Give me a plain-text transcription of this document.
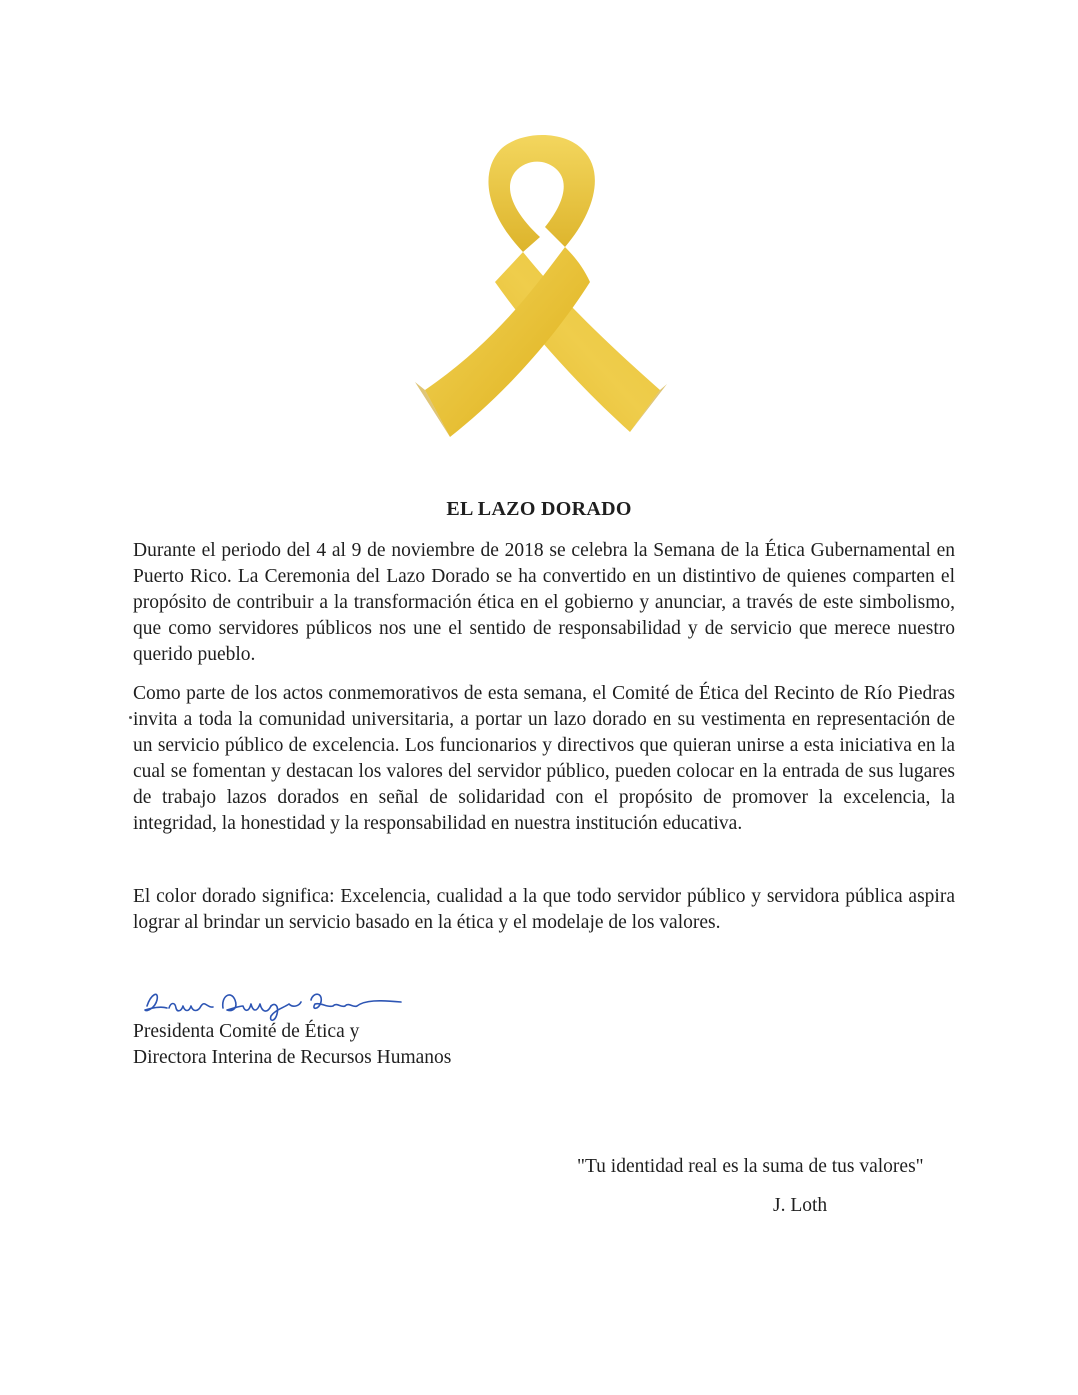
EL LAZO DORADO

Durante el periodo del 4 al 9 de noviembre de 2018 se celebra la Semana de la Ética Gubernamental en Puerto Rico. La Ceremonia del Lazo Dorado se ha convertido en un distintivo de quienes comparten el propósito de contribuir a la transformación ética en el gobierno y anunciar, a través de este simbolismo, que como servidores públicos nos une el sentido de responsabilidad y de servicio que merece nuestro querido pueblo.

Como parte de los actos conmemorativos de esta semana, el Comité de Ética del Recinto de Río Piedras invita a toda la comunidad universitaria, a portar un lazo dorado en su vestimenta en representación de un servicio público de excelencia. Los funcionarios y directivos que quieran unirse a esta iniciativa en la cual se fomentan y destacan los valores del servidor público, pueden colocar en la entrada de sus lugares de trabajo lazos dorados en señal de solidaridad con el propósito de promover la excelencia, la integridad, la honestidad y la responsabilidad en nuestra institución educativa.

El color dorado significa: Excelencia, cualidad a la que todo servidor público y servidora pública aspira lograr al brindar un servicio basado en la ética y el modelaje de los valores.

Presidenta Comité de Ética y
Directora Interina de Recursos Humanos
"Tu identidad real es la suma de tus valores"
J. Loth
